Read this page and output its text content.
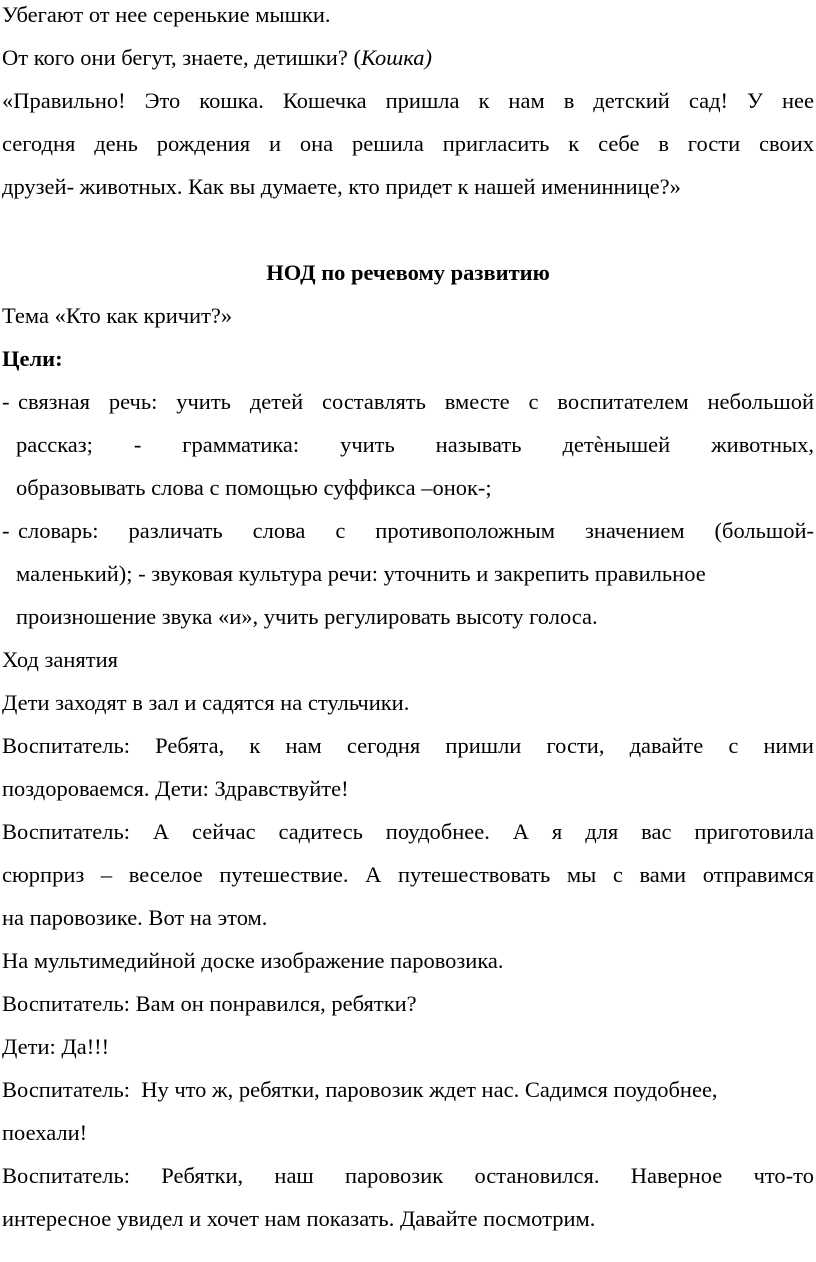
Убегают от нее серенькие мышки.
От кого они бегут, знаете, детишки? (Кошка)
«Правильно! Это кошка. Кошечка пришла к нам в детский сад! У нее
сегодня день рождения и она решила пригласить к себе в гости своих
друзей- животных. Как вы думаете, кто придет к нашей имениннице?»
НОД по речевому развитию
Тема «Кто как кричит?»
Цели:
- связная речь: учить детей составлять вместе с воспитателем небольшой
рассказ; - грамматика: учить называть детѐнышей животных,
образовывать слова с помощью суффикса –онок-;
- словарь: различать слова с противоположным значением (большой-
маленький); - звуковая культура речи: уточнить и закрепить правильное
произношение звука «и», учить регулировать высоту голоса.
Ход занятия
Дети заходят в зал и садятся на стульчики.
Воспитатель: Ребята, к нам сегодня пришли гости, давайте с ними
поздороваемся. Дети: Здравствуйте!
Воспитатель: А сейчас садитесь поудобнее. А я для вас приготовила
сюрприз – веселое путешествие. А путешествовать мы с вами отправимся
на паровозике. Вот на этом.
На мультимедийной доске изображение паровозика.
Воспитатель: Вам он понравился, ребятки?
Дети: Да!!!
Воспитатель:  Ну что ж, ребятки, паровозик ждет нас. Садимся поудобнее,
поехали!
Воспитатель: Ребятки, наш паровозик остановился. Наверное что-то
интересное увидел и хочет нам показать. Давайте посмотрим.
